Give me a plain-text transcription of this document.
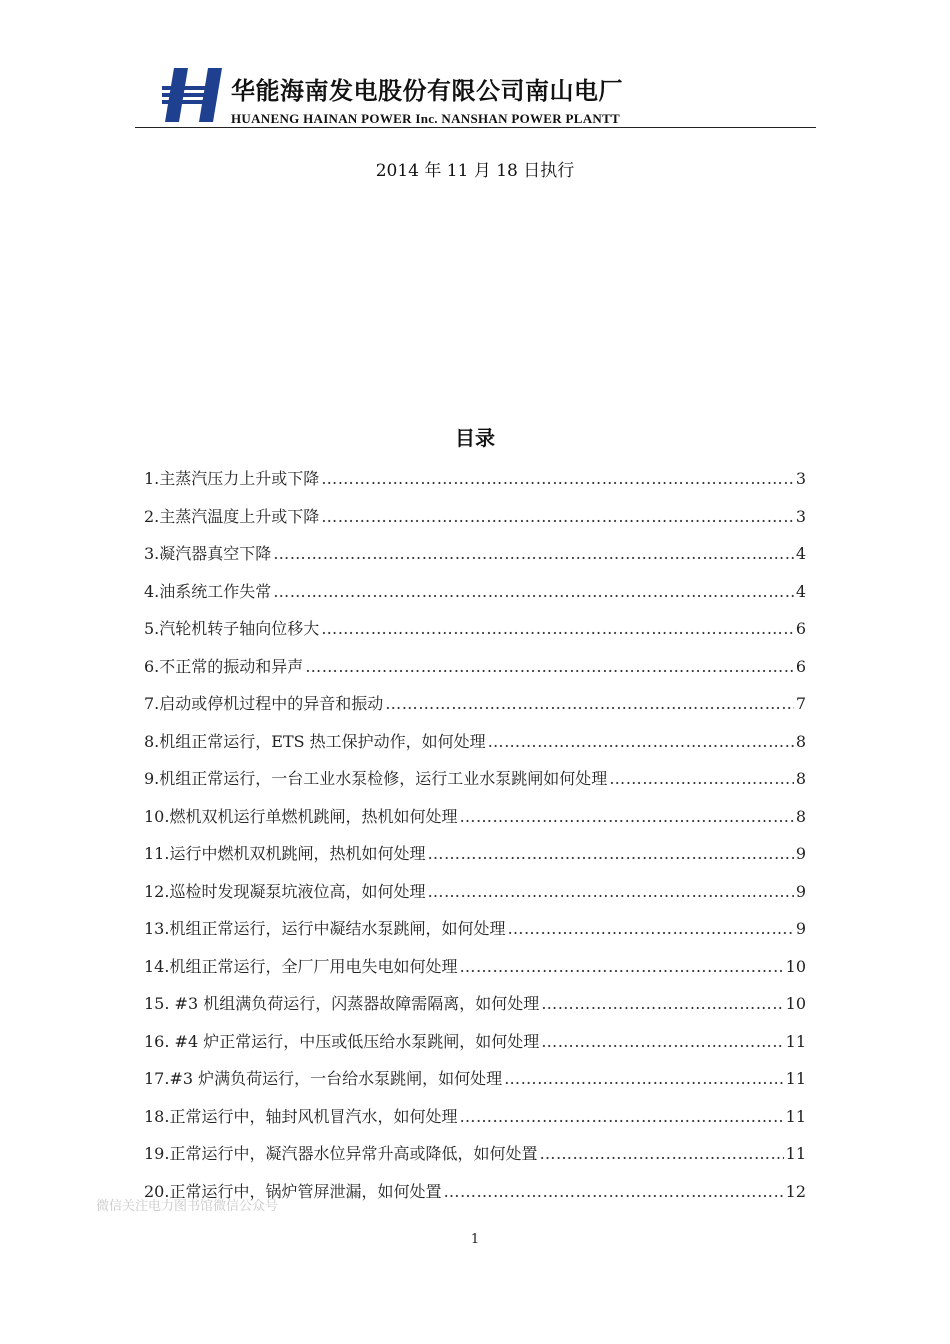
华能海南发电股份有限公司南山电厂
HUANENG HAINAN POWER Inc. NANSHAN POWER PLANTT
2014 年 11 月 18 日执行
目录
1.主蒸汽压力上升或下降 …………………………………………………………………………………………………………	3
2.主蒸汽温度上升或下降 …………………………………………………………………………………………………………	3
3.凝汽器真空下降 …………………………………………………………………………………………………………	4
4.油系统工作失常 …………………………………………………………………………………………………………	4
5.汽轮机转子轴向位移大 …………………………………………………………………………………………………………	6
6.不正常的振动和异声 …………………………………………………………………………………………………………	6
7.启动或停机过程中的异音和振动 …………………………………………………………………………………………………………	7
8.机组正常运行，ETS 热工保护动作，如何处理 …………………………………………………………………………………………………………	8
9.机组正常运行，一台工业水泵检修，运行工业水泵跳闸如何处理 …………………………………………………………………………………………………………	8
10.燃机双机运行单燃机跳闸，热机如何处理 …………………………………………………………………………………………………………	8
11.运行中燃机双机跳闸，热机如何处理 …………………………………………………………………………………………………………	9
12.巡检时发现凝泵坑液位高，如何处理 …………………………………………………………………………………………………………	9
13.机组正常运行，运行中凝结水泵跳闸，如何处理 …………………………………………………………………………………………………………	9
14.机组正常运行，全厂厂用电失电如何处理 …………………………………………………………………………………………………………	10
15. #3 机组满负荷运行，闪蒸器故障需隔离，如何处理 …………………………………………………………………………………………………………	10
16. #4 炉正常运行，中压或低压给水泵跳闸，如何处理 …………………………………………………………………………………………………………	11
17.#3 炉满负荷运行，一台给水泵跳闸，如何处理 …………………………………………………………………………………………………………	11
18.正常运行中，轴封风机冒汽水，如何处理 …………………………………………………………………………………………………………	11
19.正常运行中，凝汽器水位异常升高或降低，如何处置 …………………………………………………………………………………………………………	11
20.正常运行中，锅炉管屏泄漏，如何处置 …………………………………………………………………………………………………………	12
微信关注电力图书馆微信公众号
1
